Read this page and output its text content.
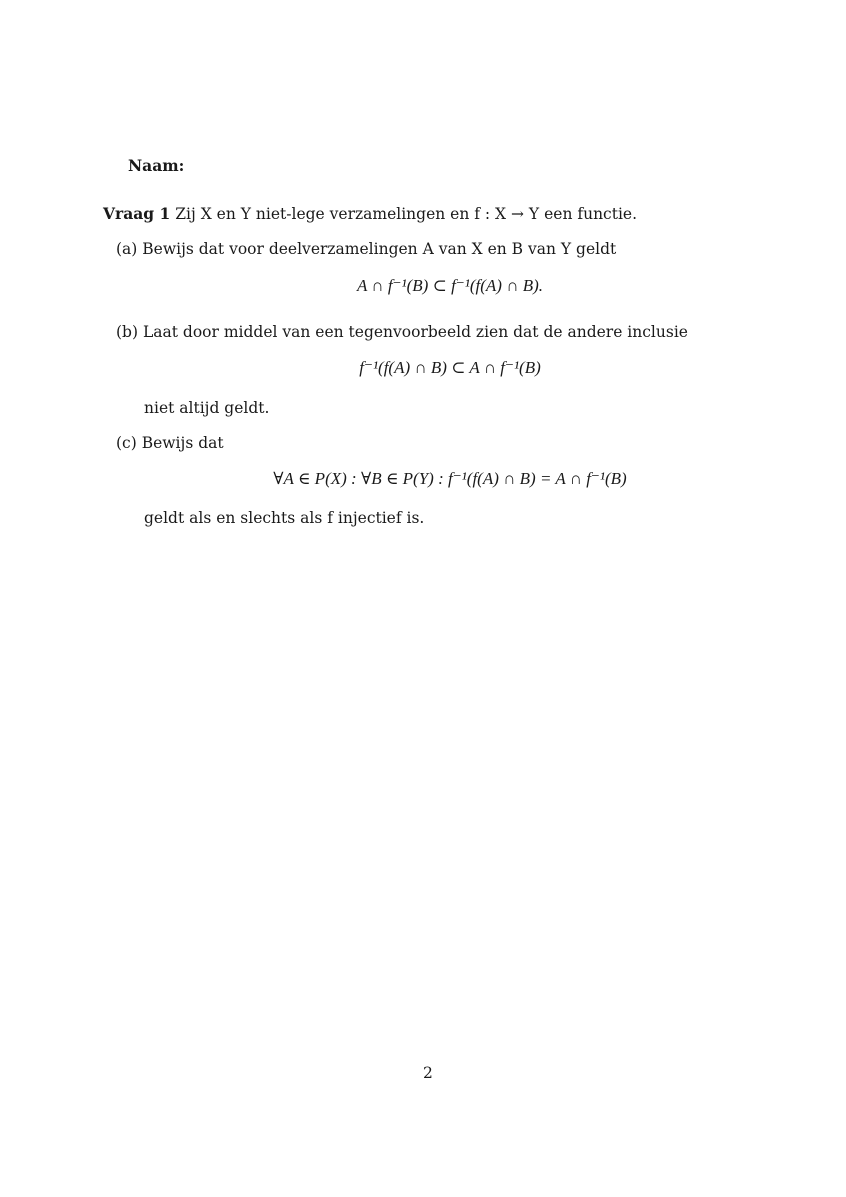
Naam:
Vraag 1 Zij X en Y niet-lege verzamelingen en f : X → Y een functie.
(a) Bewijs dat voor deelverzamelingen A van X en B van Y geldt
A ∩ f⁻¹(B) ⊂ f⁻¹(f(A) ∩ B).
(b) Laat door middel van een tegenvoorbeeld zien dat de andere inclusie
f⁻¹(f(A) ∩ B) ⊂ A ∩ f⁻¹(B)
niet altijd geldt.
(c) Bewijs dat
∀A ∈ P(X) : ∀B ∈ P(Y) : f⁻¹(f(A) ∩ B) = A ∩ f⁻¹(B)
geldt als en slechts als f injectief is.
2
